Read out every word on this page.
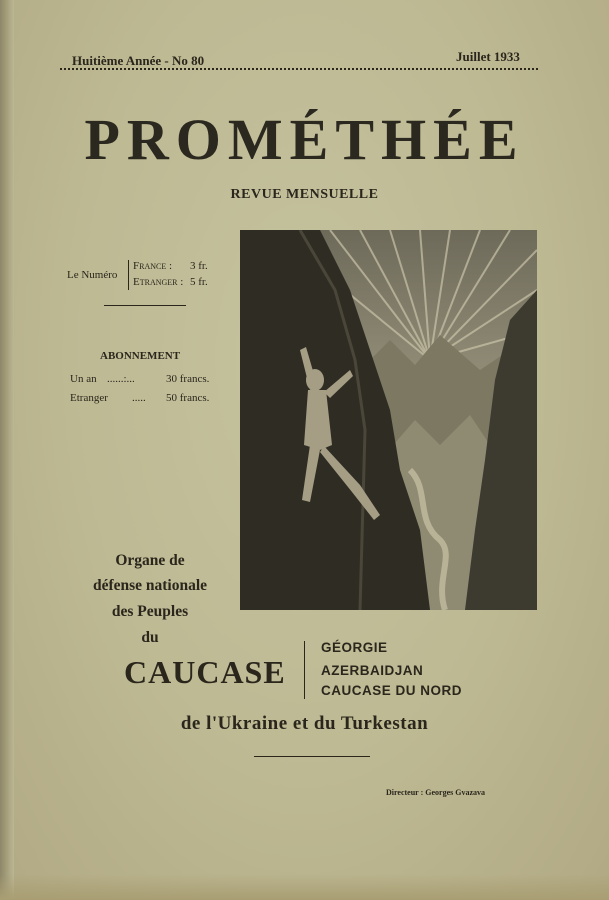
Huitième Année - No 80	Juillet 1933
PROMÉTHÉE
REVUE MENSUELLE
Le Numéro
France : 3 fr.
Etranger : 5 fr.
ABONNEMENT
Un an ......:...	30 francs.
Etranger ..... 50 francs.
Organe de
défense nationale
des Peuples
du
CAUCASE
GÉORGIE
AZERBAIDJAN
CAUCASE DU NORD
de l'Ukraine et du Turkestan
Directeur : Georges Gvazava
